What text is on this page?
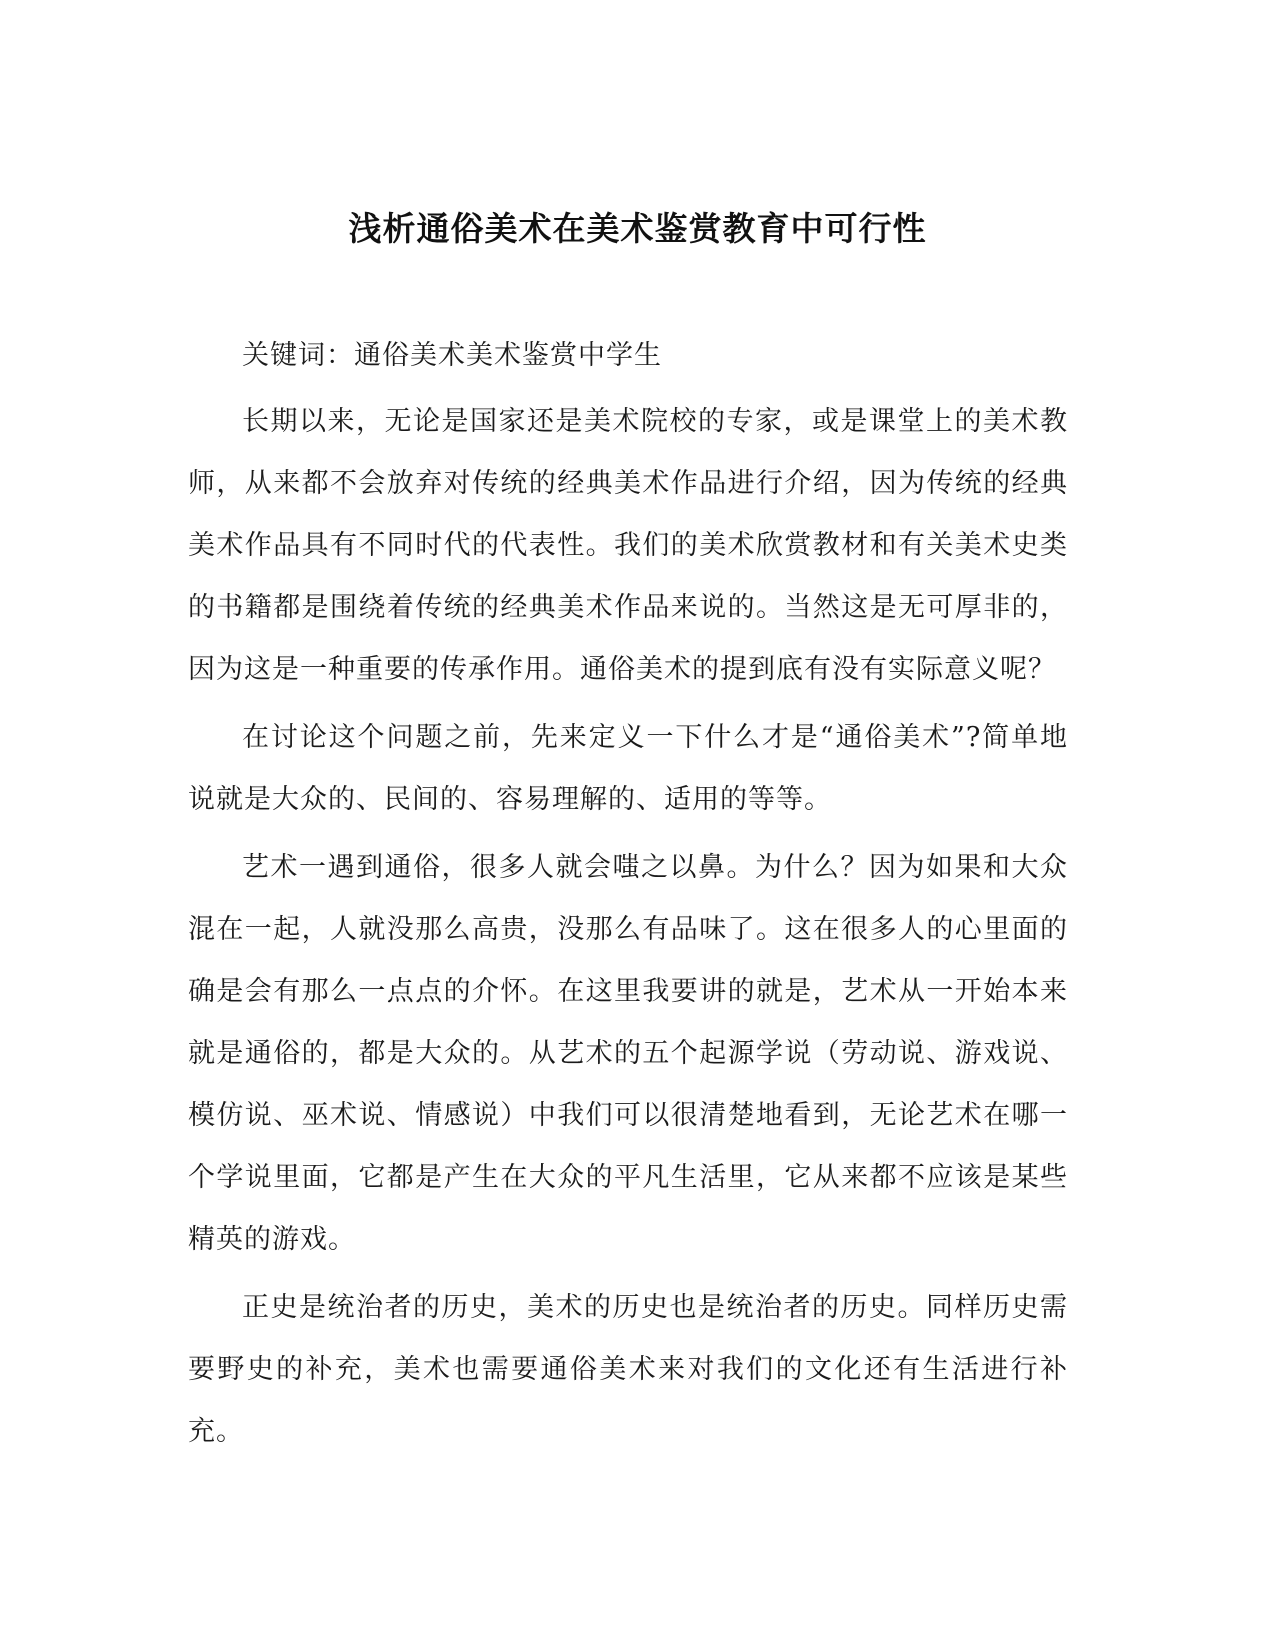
浅析通俗美术在美术鉴赏教育中可行性
关键词：通俗美术美术鉴赏中学生

长期以来，无论是国家还是美术院校的专家，或是课堂上的美术教师，从来都不会放弃对传统的经典美术作品进行介绍，因为传统的经典美术作品具有不同时代的代表性。我们的美术欣赏教材和有关美术史类的书籍都是围绕着传统的经典美术作品来说的。当然这是无可厚非的，因为这是一种重要的传承作用。通俗美术的提到底有没有实际意义呢？

在讨论这个问题之前，先来定义一下什么才是“通俗美术”?简单地说就是大众的、民间的、容易理解的、适用的等等。

艺术一遇到通俗，很多人就会嗤之以鼻。为什么？因为如果和大众混在一起，人就没那么高贵，没那么有品味了。这在很多人的心里面的确是会有那么一点点的介怀。在这里我要讲的就是，艺术从一开始本来就是通俗的，都是大众的。从艺术的五个起源学说（劳动说、游戏说、模仿说、巫术说、情感说）中我们可以很清楚地看到，无论艺术在哪一个学说里面，它都是产生在大众的平凡生活里，它从来都不应该是某些精英的游戏。

正史是统治者的历史，美术的历史也是统治者的历史。同样历史需要野史的补充，美术也需要通俗美术来对我们的文化还有生活进行补充。
